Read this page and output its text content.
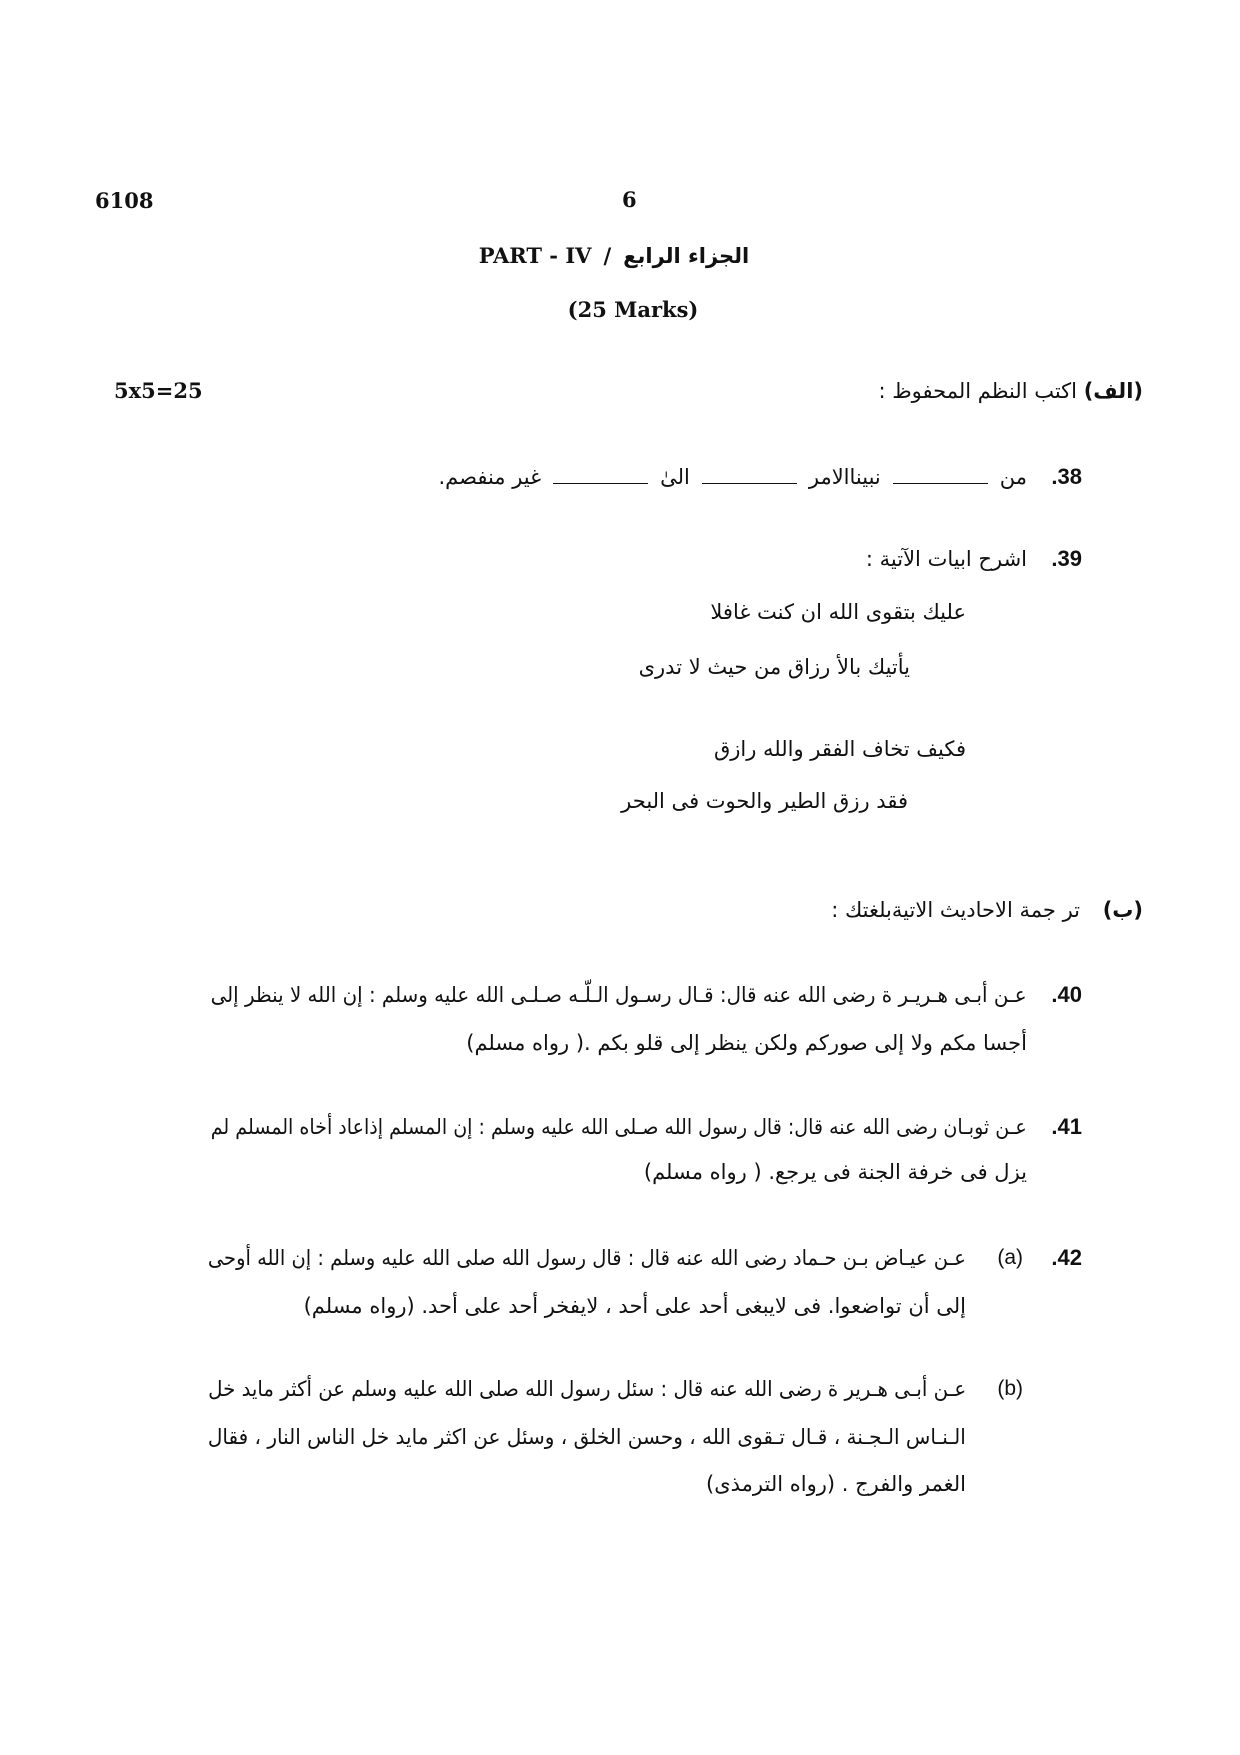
6108	6
PART - IV / الجزاء الرابع
(25 Marks)
5x5=25	(الف) اكتب النظم المحفوظ :
38.
من
نبيناالامر
الىٰ
غير منفصم.
39.
اشرح ابيات الآتية :
عليك بتقوى الله ان كنت غافلا
يأتيك بالأ رزاق من حيث لا تدرى
فكيف تخاف الفقر والله رازق
فقد رزق الطير والحوت فى البحر
(ب) تر جمة الاحاديث الاتيةبلغتك :
40.
عـن أبـى هـريـر ة رضى الله عنه قال: قـال رسـول الـلّـه صـلـى الله عليه وسلم : إن الله لا ينظر إلى
أجسا مكم ولا إلى صوركم ولكن ينظر إلى قلو بكم .( رواه مسلم)
41.
عـن ثوبـان رضى الله عنه قال: قال رسول الله صـلى الله عليه وسلم : إن المسلم إذاعاد أخاه المسلم لم
يزل فى خرفة الجنة فى يرجع. ( رواه مسلم)
42.
(a)
عـن عيـاض بـن حـماد رضى الله عنه قال : قال رسول الله صلى الله عليه وسلم : إن الله أوحى
إلى أن تواضعوا. فى لايبغى أحد على أحد ، لايفخر أحد على أحد. (رواه مسلم)
(b)
عـن أبـى هـرير ة رضى الله عنه قال : سئل رسول الله صلى الله عليه وسلم عن أكثر مايد خل
الـنـاس الـجـنة ، قـال تـقوى الله ، وحسن الخلق ، وسئل عن اكثر مايد خل الناس النار ، فقال
الغمر والفرج . (رواه الترمذى)
